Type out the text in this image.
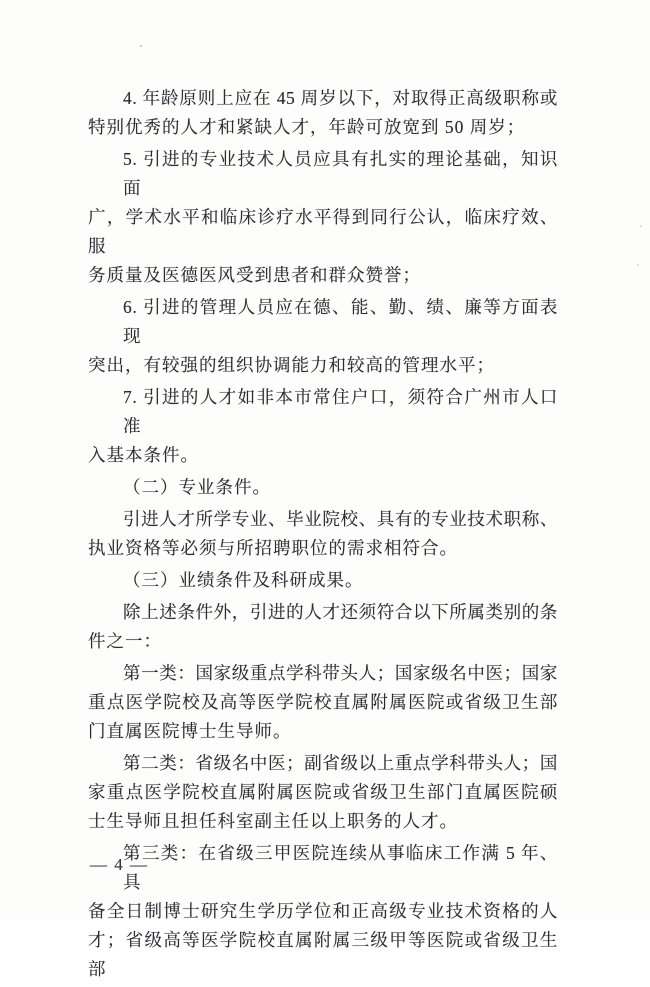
4. 年龄原则上应在 45 周岁以下，对取得正高级职称或
特别优秀的人才和紧缺人才，年龄可放宽到 50 周岁；
5. 引进的专业技术人员应具有扎实的理论基础，知识面
广，学术水平和临床诊疗水平得到同行公认，临床疗效、服
务质量及医德医风受到患者和群众赞誉；
6. 引进的管理人员应在德、能、勤、绩、廉等方面表现
突出，有较强的组织协调能力和较高的管理水平；
7. 引进的人才如非本市常住户口，须符合广州市人口准
入基本条件。
（二）专业条件。
引进人才所学专业、毕业院校、具有的专业技术职称、
执业资格等必须与所招聘职位的需求相符合。
（三）业绩条件及科研成果。
除上述条件外，引进的人才还须符合以下所属类别的条
件之一：
第一类：国家级重点学科带头人；国家级名中医；国家
重点医学院校及高等医学院校直属附属医院或省级卫生部
门直属医院博士生导师。
第二类：省级名中医；副省级以上重点学科带头人；国
家重点医学院校直属附属医院或省级卫生部门直属医院硕
士生导师且担任科室副主任以上职务的人才。
第三类：在省级三甲医院连续从事临床工作满 5 年、具
备全日制博士研究生学历学位和正高级专业技术资格的人
才；省级高等医学院校直属附属三级甲等医院或省级卫生部
— 4 —
